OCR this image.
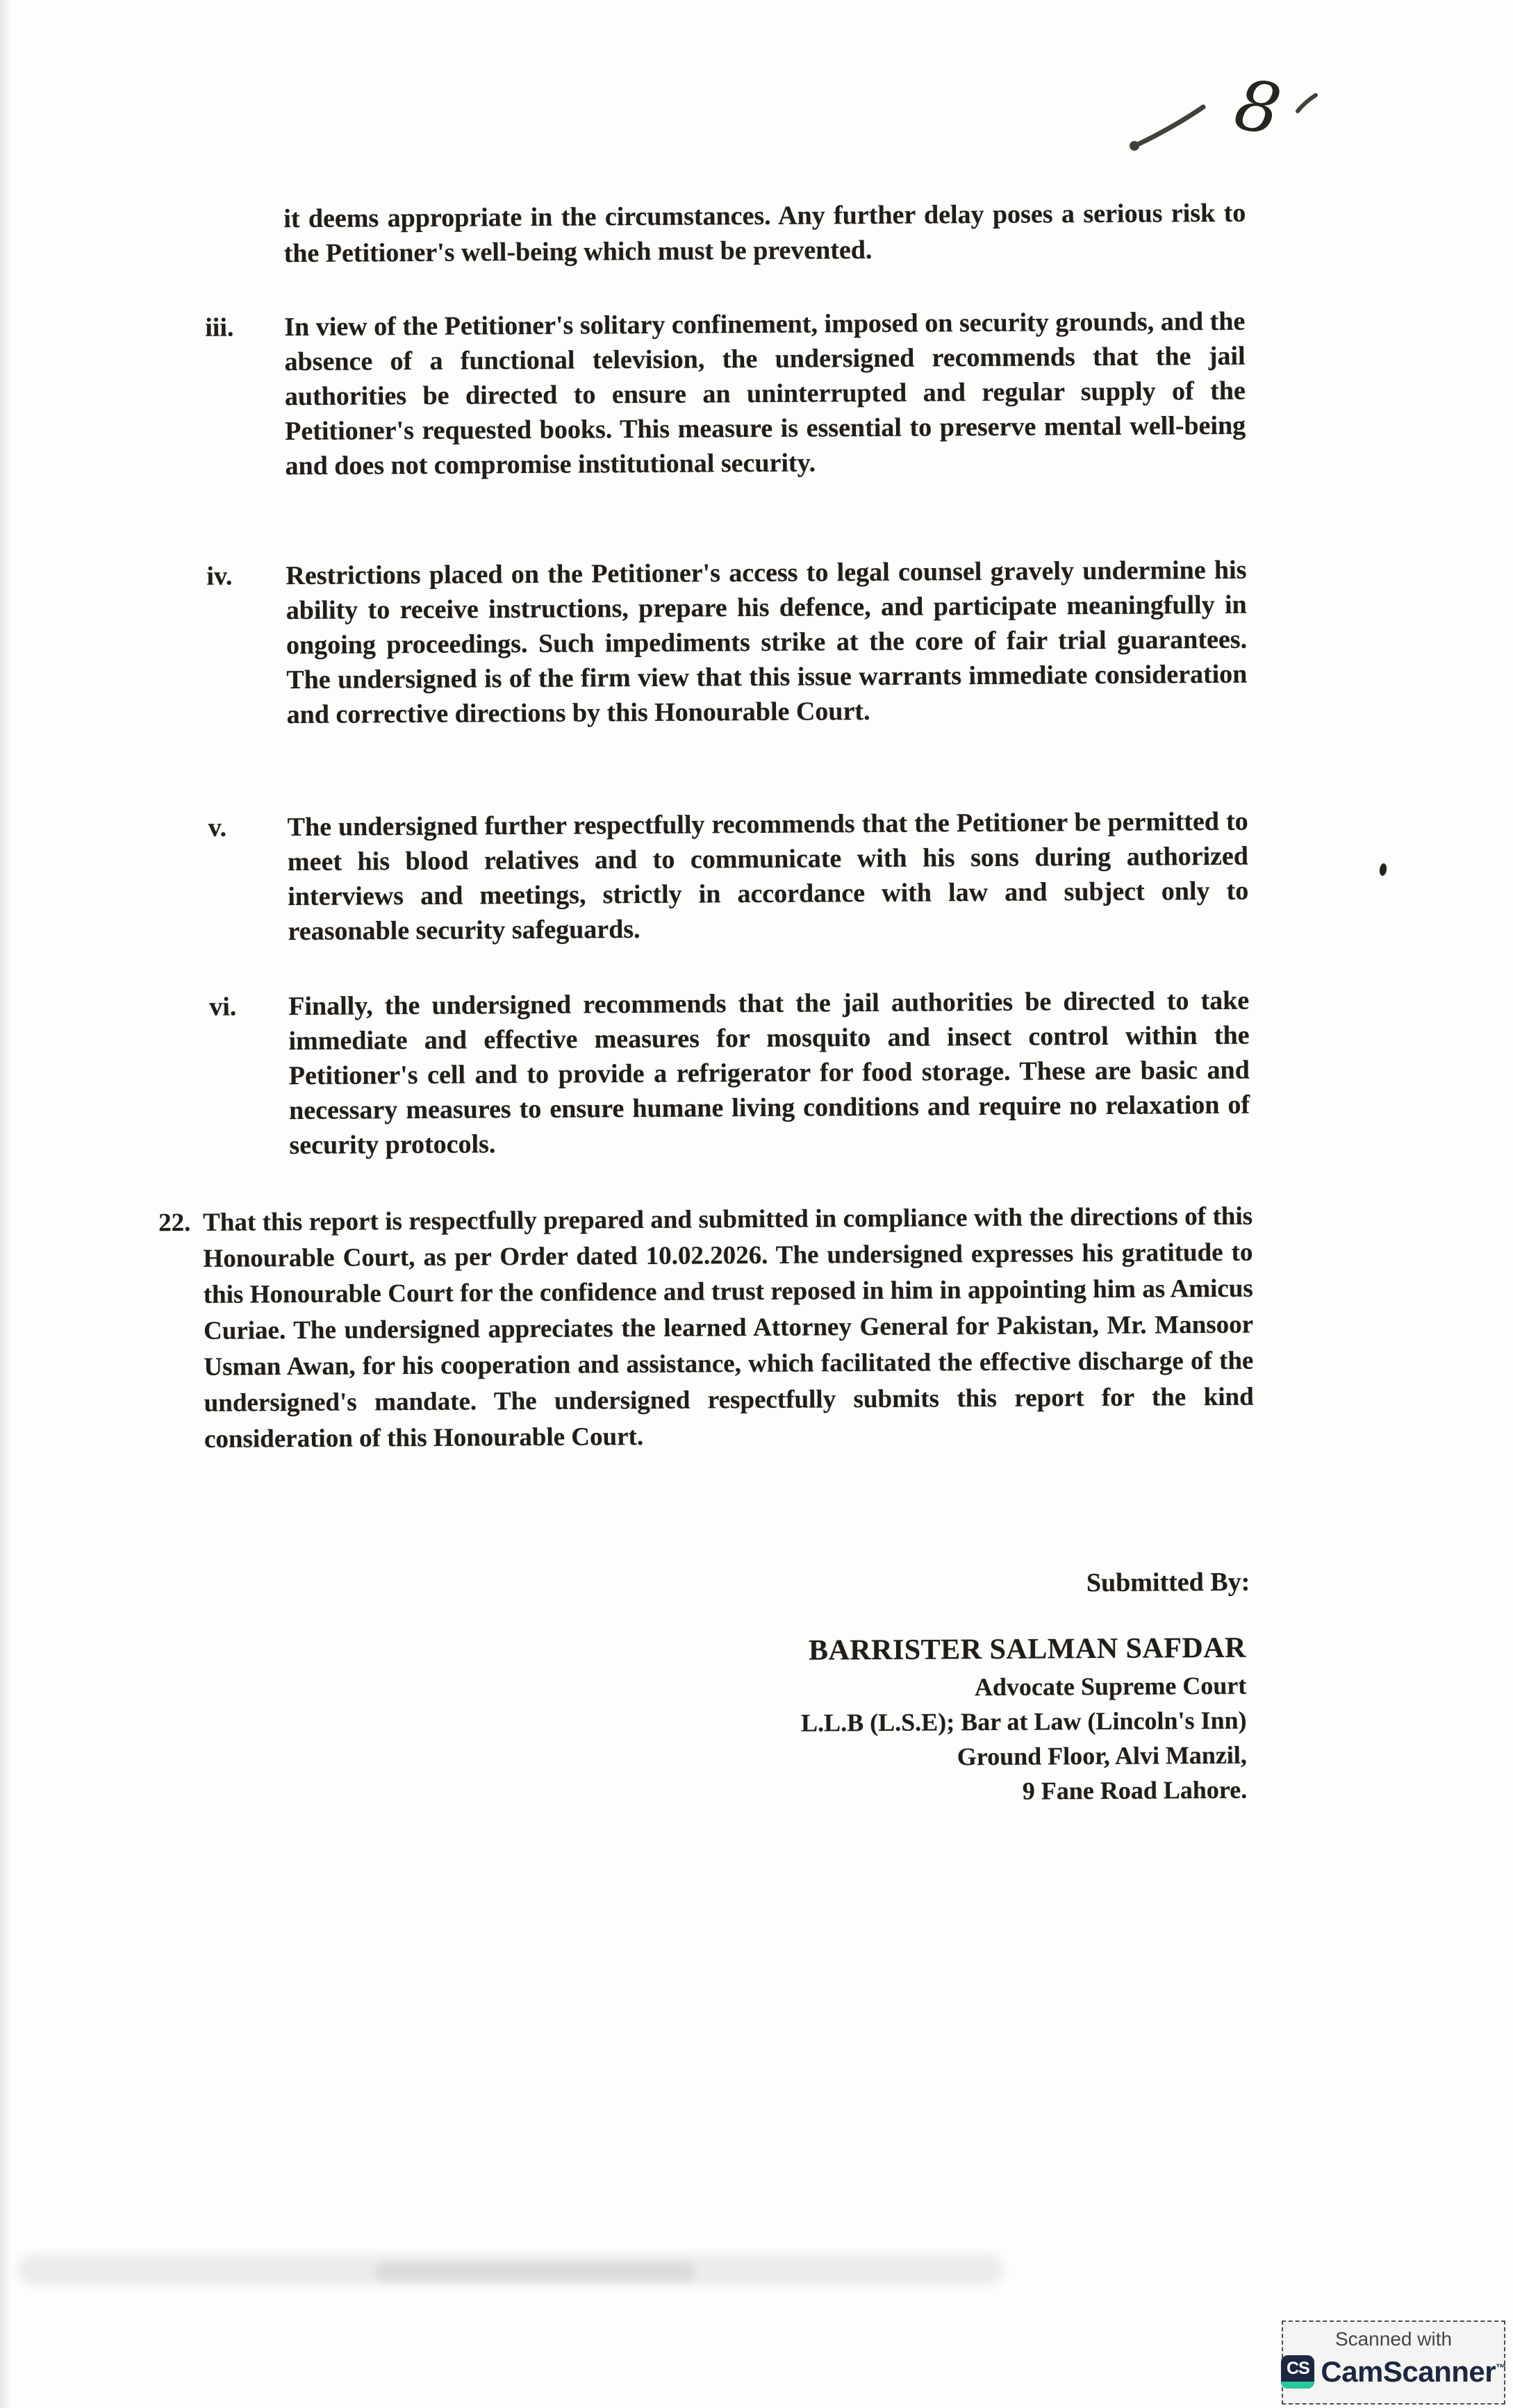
8

it deems appropriate in the circumstances. Any further delay poses a serious risk to the Petitioner's well-being which must be prevented.

iii.	In view of the Petitioner's solitary confinement, imposed on security grounds, and the absence of a functional television, the undersigned recommends that the jail authorities be directed to ensure an uninterrupted and regular supply of the Petitioner's requested books. This measure is essential to preserve mental well-being and does not compromise institutional security.
iv.	Restrictions placed on the Petitioner's access to legal counsel gravely undermine his ability to receive instructions, prepare his defence, and participate meaningfully in ongoing proceedings. Such impediments strike at the core of fair trial guarantees. The undersigned is of the firm view that this issue warrants immediate consideration and corrective directions by this Honourable Court.
v.	The undersigned further respectfully recommends that the Petitioner be permitted to meet his blood relatives and to communicate with his sons during authorized interviews and meetings, strictly in accordance with law and subject only to reasonable security safeguards.
vi.	Finally, the undersigned recommends that the jail authorities be directed to take immediate and effective measures for mosquito and insect control within the Petitioner's cell and to provide a refrigerator for food storage. These are basic and necessary measures to ensure humane living conditions and require no relaxation of security protocols.
22. That this report is respectfully prepared and submitted in compliance with the directions of this Honourable Court, as per Order dated 10.02.2026. The undersigned expresses his gratitude to this Honourable Court for the confidence and trust reposed in him in appointing him as Amicus Curiae. The undersigned appreciates the learned Attorney General for Pakistan, Mr. Mansoor Usman Awan, for his cooperation and assistance, which facilitated the effective discharge of the undersigned's mandate. The undersigned respectfully submits this report for the kind consideration of this Honourable Court.
Submitted By:
BARRISTER SALMAN SAFDAR
Advocate Supreme Court
L.L.B (L.S.E); Bar at Law (Lincoln's Inn)
Ground Floor, Alvi Manzil,
9 Fane Road Lahore.
Scanned with
CS CamScanner™
